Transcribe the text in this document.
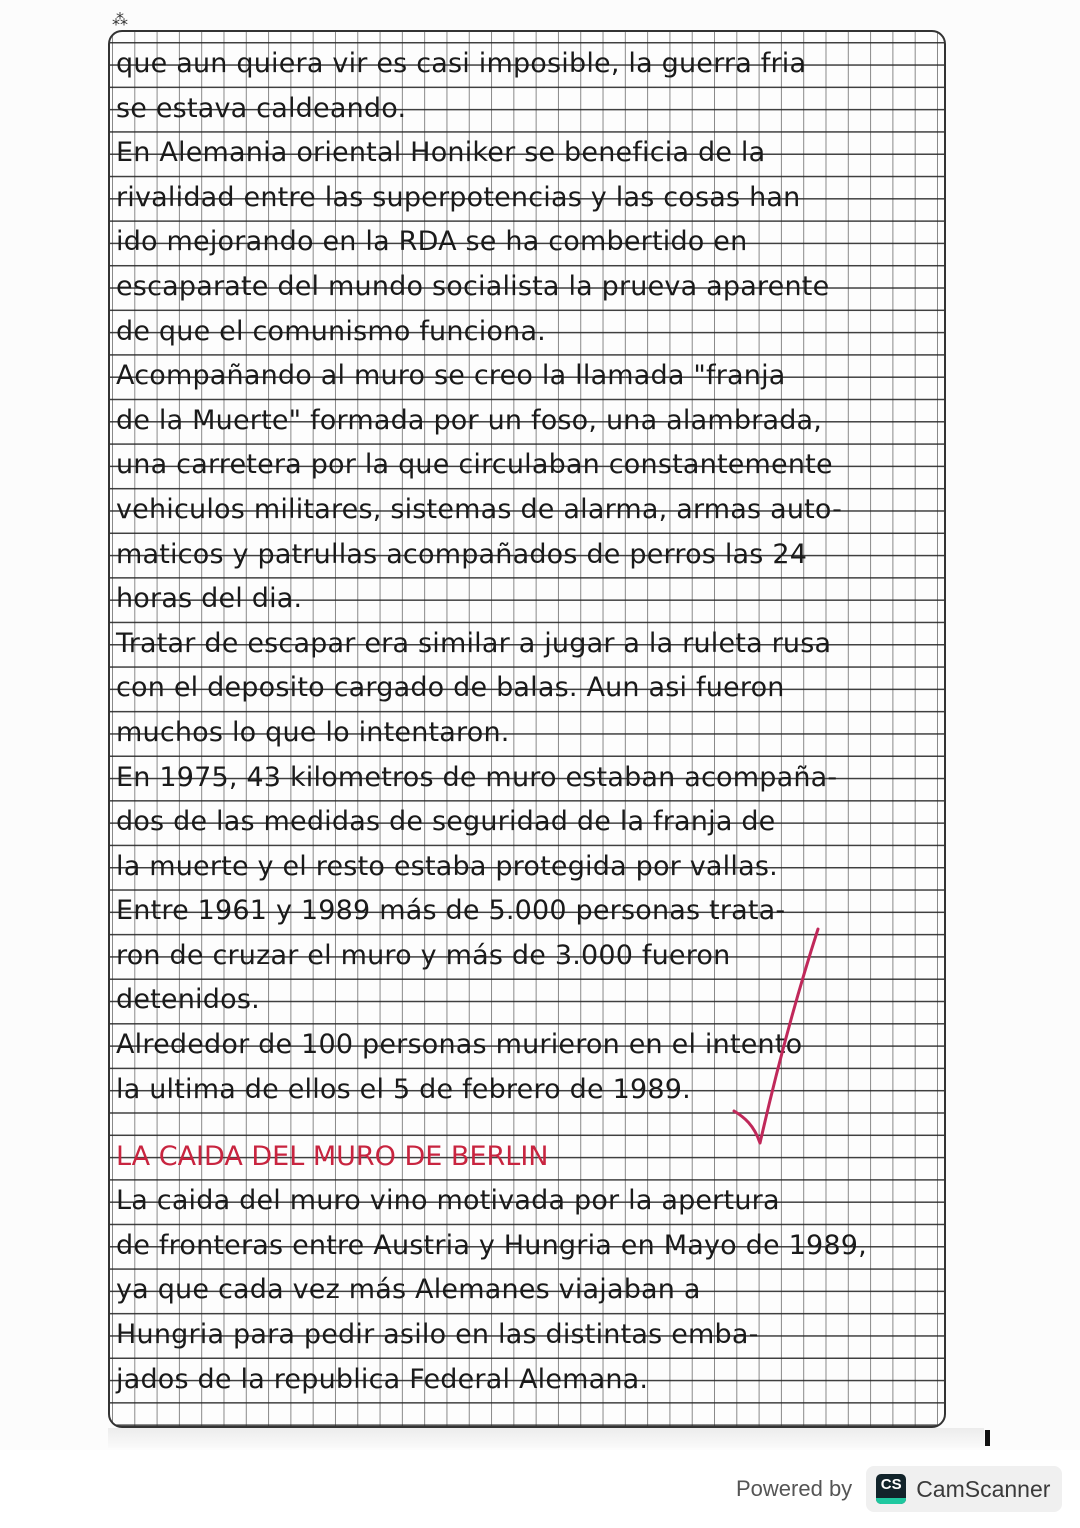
⁂
que aun quiera vir es casi imposible, la guerra fria
se estava caldeando.
En Alemania oriental Honiker se beneficia de la
rivalidad entre las superpotencias y las cosas han
ido mejorando en la RDA se ha combertido en
escaparate del mundo socialista la prueva aparente
de que el comunismo funciona.
Acompañando al muro se creo la llamada "franja
de la Muerte" formada por un foso, una alambrada,
una carretera por la que circulaban constantemente
vehiculos militares, sistemas de alarma, armas auto-
maticos y patrullas acompañados de perros las 24
horas del dia.
Tratar de escapar era similar a jugar a la ruleta rusa
con el deposito cargado de balas. Aun asi fueron
muchos lo que lo intentaron.
En 1975, 43 kilometros de muro estaban acompaña-
dos de las medidas de seguridad de la franja de
la muerte y el resto estaba protegida por vallas.
Entre 1961 y 1989 más de 5.000 personas trata-
ron de cruzar el muro y más de 3.000 fueron
detenidos.
Alrededor de 100 personas murieron en el intento
la ultima de ellos el 5 de febrero de 1989.
LA CAIDA DEL MURO DE BERLIN
La caida del muro vino motivada por la apertura
de fronteras entre Austria y Hungria en Mayo de 1989,
ya que cada vez más Alemanes viajaban a
Hungria para pedir asilo en las distintas emba-
jados de la republica Federal Alemana.
Powered by	CS CamScanner
